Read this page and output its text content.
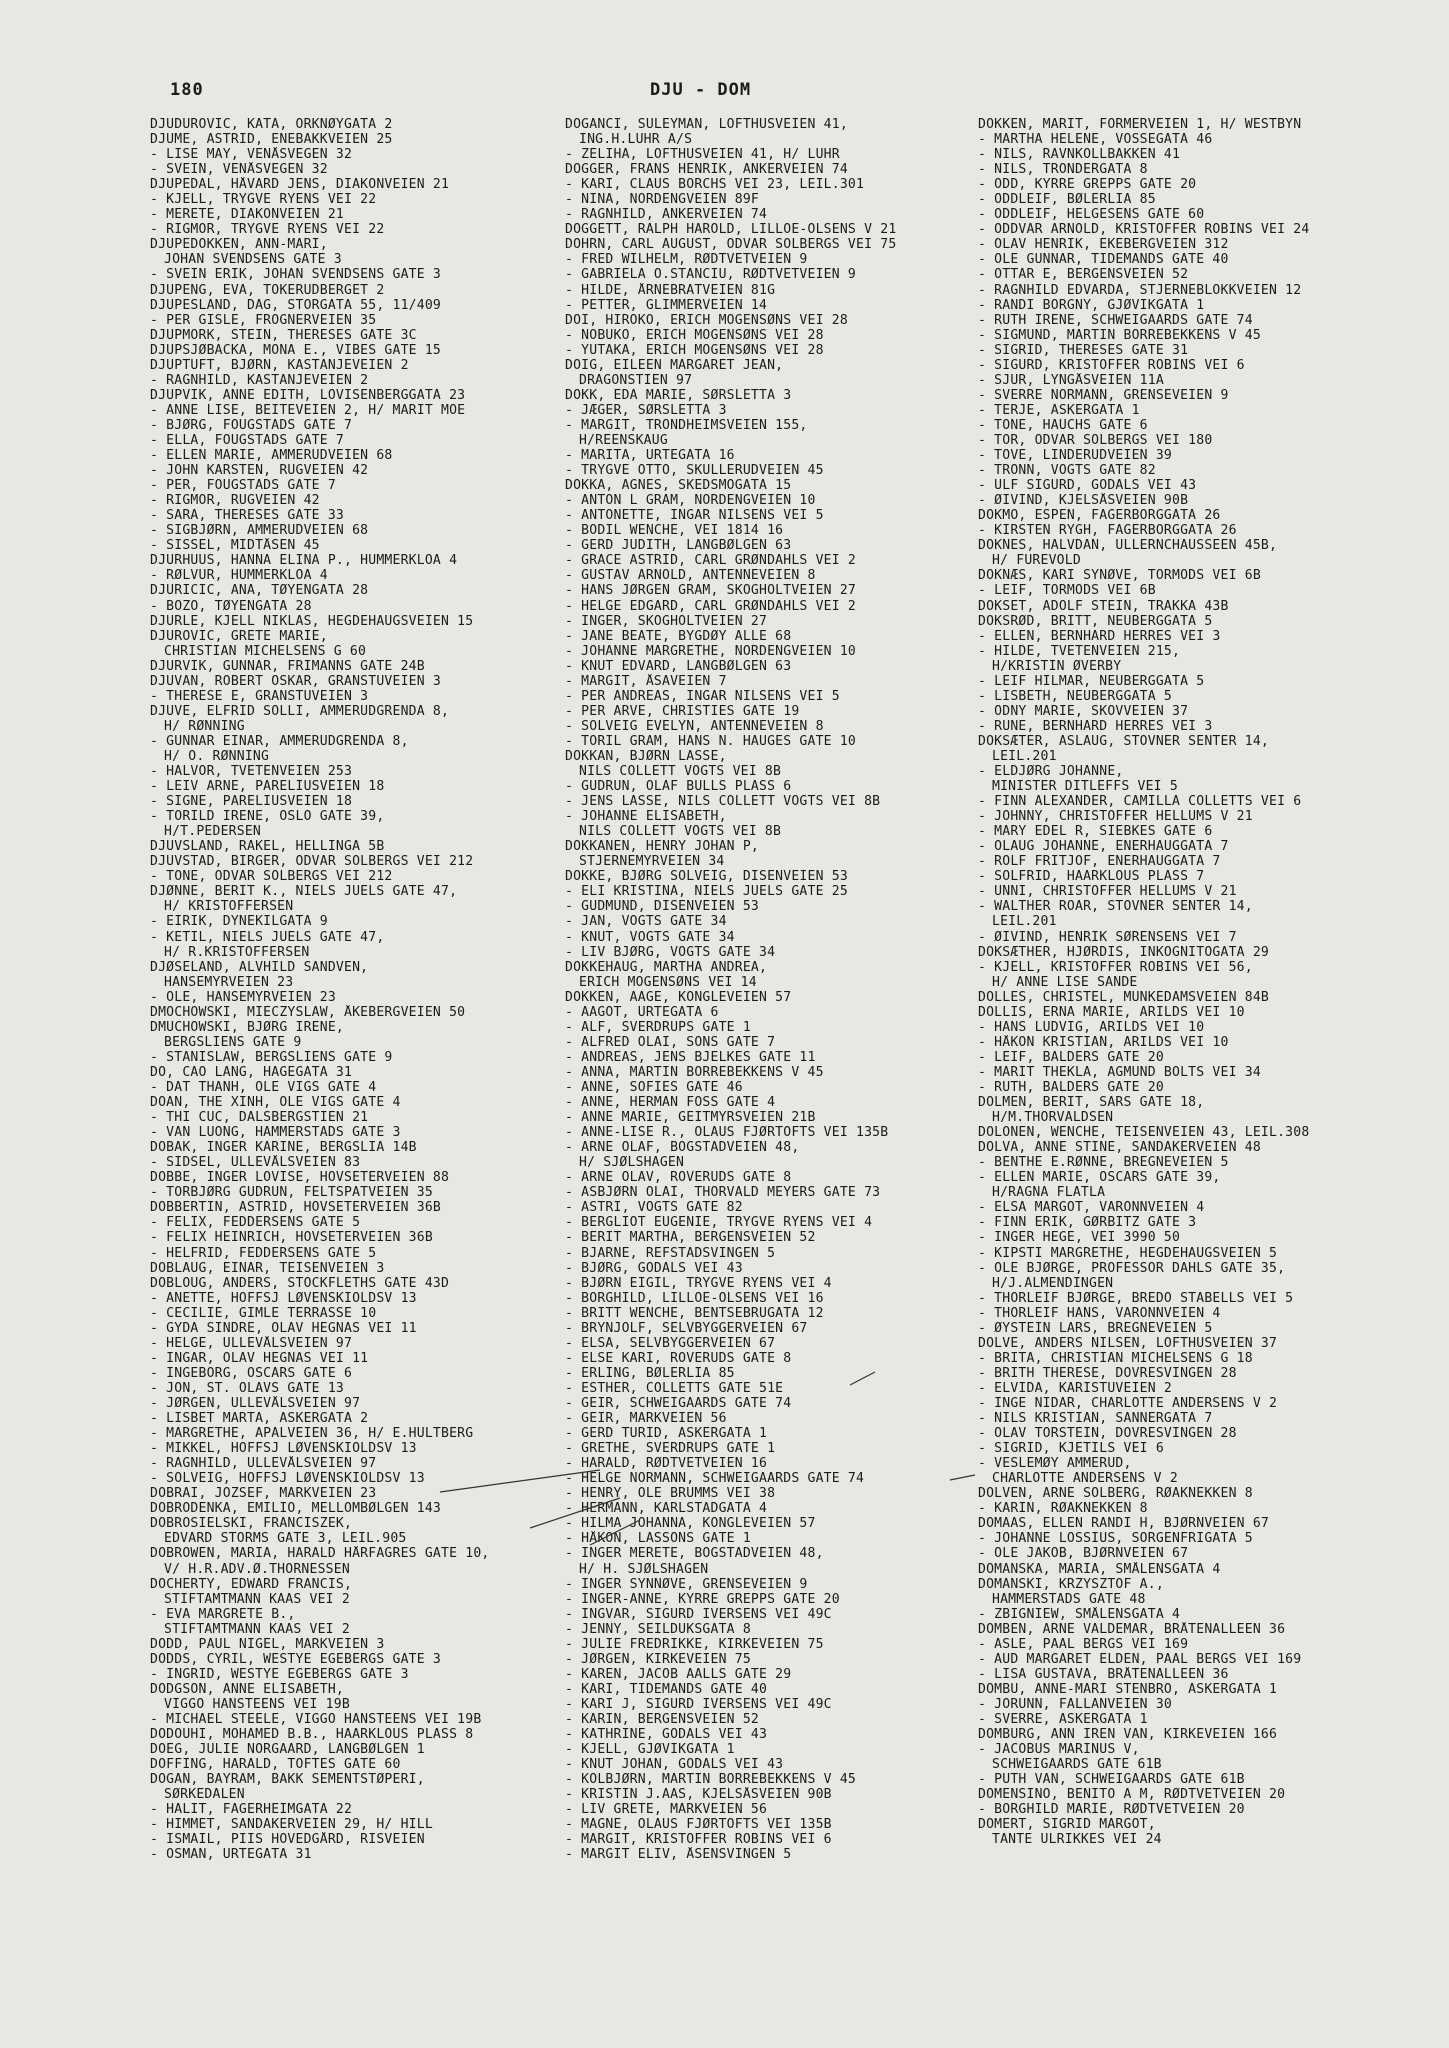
180	DJU - DOM
DJUDUROVIC, KATA, ORKNØYGATA 2
DJUME, ASTRID, ENEBAKKVEIEN 25
- LISE MAY, VENÅSVEGEN 32
- SVEIN, VENÅSVEGEN 32
DJUPEDAL, HÅVARD JENS, DIAKONVEIEN 21
- KJELL, TRYGVE RYENS VEI 22
- MERETE, DIAKONVEIEN 21
- RIGMOR, TRYGVE RYENS VEI 22
DJUPEDOKKEN, ANN-MARI,
JOHAN SVENDSENS GATE 3
- SVEIN ERIK, JOHAN SVENDSENS GATE 3
DJUPENG, EVA, TOKERUDBERGET 2
DJUPESLAND, DAG, STORGATA 55, 11/409
- PER GISLE, FROGNERVEIEN 35
DJUPMORK, STEIN, THERESES GATE 3C
DJUPSJØBACKA, MONA E., VIBES GATE 15
DJUPTUFT, BJØRN, KASTANJEVEIEN 2
- RAGNHILD, KASTANJEVEIEN 2
DJUPVIK, ANNE EDITH, LOVISENBERGGATA 23
- ANNE LISE, BEITEVEIEN 2, H/ MARIT MOE
- BJØRG, FOUGSTADS GATE 7
- ELLA, FOUGSTADS GATE 7
- ELLEN MARIE, AMMERUDVEIEN 68
- JOHN KARSTEN, RUGVEIEN 42
- PER, FOUGSTADS GATE 7
- RIGMOR, RUGVEIEN 42
- SARA, THERESES GATE 33
- SIGBJØRN, AMMERUDVEIEN 68
- SISSEL, MIDTÅSEN 45
DJURHUUS, HANNA ELINA P., HUMMERKLOA 4
- RØLVUR, HUMMERKLOA 4
DJURICIC, ANA, TØYENGATA 28
- BOZO, TØYENGATA 28
DJURLE, KJELL NIKLAS, HEGDEHAUGSVEIEN 15
DJUROVIC, GRETE MARIE,
CHRISTIAN MICHELSENS G 60
DJURVIK, GUNNAR, FRIMANNS GATE 24B
DJUVAN, ROBERT OSKAR, GRANSTUVEIEN 3
- THERESE E, GRANSTUVEIEN 3
DJUVE, ELFRID SOLLI, AMMERUDGRENDA 8,
H/ RØNNING
- GUNNAR EINAR, AMMERUDGRENDA 8,
H/ O. RØNNING
- HALVOR, TVETENVEIEN 253
- LEIV ARNE, PARELIUSVEIEN 18
- SIGNE, PARELIUSVEIEN 18
- TORILD IRENE, OSLO GATE 39,
H/T.PEDERSEN
DJUVSLAND, RAKEL, HELLINGA 5B
DJUVSTAD, BIRGER, ODVAR SOLBERGS VEI 212
- TONE, ODVAR SOLBERGS VEI 212
DJØNNE, BERIT K., NIELS JUELS GATE 47,
H/ KRISTOFFERSEN
- EIRIK, DYNEKILGATA 9
- KETIL, NIELS JUELS GATE 47,
H/ R.KRISTOFFERSEN
DJØSELAND, ALVHILD SANDVEN,
HANSEMYRVEIEN 23
- OLE, HANSEMYRVEIEN 23
DMOCHOWSKI, MIECZYSLAW, ÅKEBERGVEIEN 50
DMUCHOWSKI, BJØRG IRENE,
BERGSLIENS GATE 9
- STANISLAW, BERGSLIENS GATE 9
DO, CAO LANG, HAGEGATA 31
- DAT THANH, OLE VIGS GATE 4
DOAN, THE XINH, OLE VIGS GATE 4
- THI CUC, DALSBERGSTIEN 21
- VAN LUONG, HAMMERSTADS GATE 3
DOBAK, INGER KARINE, BERGSLIA 14B
- SIDSEL, ULLEVÅLSVEIEN 83
DOBBE, INGER LOVISE, HOVSETERVEIEN 88
- TORBJØRG GUDRUN, FELTSPATVEIEN 35
DOBBERTIN, ASTRID, HOVSETERVEIEN 36B
- FELIX, FEDDERSENS GATE 5
- FELIX HEINRICH, HOVSETERVEIEN 36B
- HELFRID, FEDDERSENS GATE 5
DOBLAUG, EINAR, TEISENVEIEN 3
DOBLOUG, ANDERS, STOCKFLETHS GATE 43D
- ANETTE, HOFFSJ LØVENSKIOLDSV 13
- CECILIE, GIMLE TERRASSE 10
- GYDA SINDRE, OLAV HEGNAS VEI 11
- HELGE, ULLEVÅLSVEIEN 97
- INGAR, OLAV HEGNAS VEI 11
- INGEBORG, OSCARS GATE 6
- JON, ST. OLAVS GATE 13
- JØRGEN, ULLEVÅLSVEIEN 97
- LISBET MARTA, ASKERGATA 2
- MARGRETHE, APALVEIEN 36, H/ E.HULTBERG
- MIKKEL, HOFFSJ LØVENSKIOLDSV 13
- RAGNHILD, ULLEVÅLSVEIEN 97
- SOLVEIG, HOFFSJ LØVENSKIOLDSV 13
DOBRAI, JOZSEF, MARKVEIEN 23
DOBRODENKA, EMILIO, MELLOMBØLGEN 143
DOBROSIELSKI, FRANCISZEK,
EDVARD STORMS GATE 3, LEIL.905
DOBROWEN, MARIA, HARALD HÅRFAGRES GATE 10,
V/ H.R.ADV.Ø.THORNESSEN
DOCHERTY, EDWARD FRANCIS,
STIFTAMTMANN KAAS VEI 2
- EVA MARGRETE B.,
STIFTAMTMANN KAAS VEI 2
DODD, PAUL NIGEL, MARKVEIEN 3
DODDS, CYRIL, WESTYE EGEBERGS GATE 3
- INGRID, WESTYE EGEBERGS GATE 3
DODGSON, ANNE ELISABETH,
VIGGO HANSTEENS VEI 19B
- MICHAEL STEELE, VIGGO HANSTEENS VEI 19B
DODOUHI, MOHAMED B.B., HAARKLOUS PLASS 8
DOEG, JULIE NORGAARD, LANGBØLGEN 1
DOFFING, HARALD, TOFTES GATE 60
DOGAN, BAYRAM, BAKK SEMENTSTØPERI,
SØRKEDALEN
- HALIT, FAGERHEIMGATA 22
- HIMMET, SANDAKERVEIEN 29, H/ HILL
- ISMAIL, PIIS HOVEDGÅRD, RISVEIEN
- OSMAN, URTEGATA 31
DOGANCI, SULEYMAN, LOFTHUSVEIEN 41,
ING.H.LÜHR A/S
- ZELIHA, LOFTHUSVEIEN 41, H/ LÜHR
DOGGER, FRANS HENRIK, ANKERVEIEN 74
- KARI, CLAUS BORCHS VEI 23, LEIL.301
- NINA, NORDENGVEIEN 89F
- RAGNHILD, ANKERVEIEN 74
DOGGETT, RALPH HAROLD, LILLOE-OLSENS V 21
DOHRN, CARL AUGUST, ODVAR SOLBERGS VEI 75
- FRED WILHELM, RØDTVETVEIEN 9
- GABRIELA O.STANCIU, RØDTVETVEIEN 9
- HILDE, ÅRNEBRATVEIEN 81G
- PETTER, GLIMMERVEIEN 14
DOI, HIROKO, ERICH MOGENSØNS VEI 28
- NOBUKO, ERICH MOGENSØNS VEI 28
- YUTAKA, ERICH MOGENSØNS VEI 28
DOIG, EILEEN MARGARET JEAN,
DRAGONSTIEN 97
DOKK, EDA MARIE, SØRSLETTA 3
- JÆGER, SØRSLETTA 3
- MARGIT, TRONDHEIMSVEIEN 155,
H/REENSKAUG
- MARITA, URTEGATA 16
- TRYGVE OTTO, SKULLERUDVEIEN 45
DOKKA, AGNES, SKEDSMOGATA 15
- ANTON L GRAM, NORDENGVEIEN 10
- ANTONETTE, INGAR NILSENS VEI 5
- BODIL WENCHE, VEI 1814 16
- GERD JUDITH, LANGBØLGEN 63
- GRACE ASTRID, CARL GRØNDAHLS VEI 2
- GUSTAV ARNOLD, ANTENNEVEIEN 8
- HANS JØRGEN GRAM, SKOGHOLTVEIEN 27
- HELGE EDGARD, CARL GRØNDAHLS VEI 2
- INGER, SKOGHOLTVEIEN 27
- JANE BEATE, BYGDØY ALLE 68
- JOHANNE MARGRETHE, NORDENGVEIEN 10
- KNUT EDVARD, LANGBØLGEN 63
- MARGIT, ÅSAVEIEN 7
- PER ANDREAS, INGAR NILSENS VEI 5
- PER ARVE, CHRISTIES GATE 19
- SOLVEIG EVELYN, ANTENNEVEIEN 8
- TORIL GRAM, HANS N. HAUGES GATE 10
DOKKAN, BJØRN LASSE,
NILS COLLETT VOGTS VEI 8B
- GUDRUN, OLAF BULLS PLASS 6
- JENS LASSE, NILS COLLETT VOGTS VEI 8B
- JOHANNE ELISABETH,
NILS COLLETT VOGTS VEI 8B
DOKKANEN, HENRY JOHAN P,
STJERNEMYRVEIEN 34
DOKKE, BJØRG SOLVEIG, DISENVEIEN 53
- ELI KRISTINA, NIELS JUELS GATE 25
- GUDMUND, DISENVEIEN 53
- JAN, VOGTS GATE 34
- KNUT, VOGTS GATE 34
- LIV BJØRG, VOGTS GATE 34
DOKKEHAUG, MARTHA ANDREA,
ERICH MOGENSØNS VEI 14
DOKKEN, AAGE, KONGLEVEIEN 57
- AAGOT, URTEGATA 6
- ALF, SVERDRUPS GATE 1
- ALFRED OLAI, SONS GATE 7
- ANDREAS, JENS BJELKES GATE 11
- ANNA, MARTIN BORREBEKKENS V 45
- ANNE, SOFIES GATE 46
- ANNE, HERMAN FOSS GATE 4
- ANNE MARIE, GEITMYRSVEIEN 21B
- ANNE-LISE R., OLAUS FJØRTOFTS VEI 135B
- ARNE OLAF, BOGSTADVEIEN 48,
H/ SJØLSHAGEN
- ARNE OLAV, ROVERUDS GATE 8
- ASBJØRN OLAI, THORVALD MEYERS GATE 73
- ASTRI, VOGTS GATE 82
- BERGLIOT EUGENIE, TRYGVE RYENS VEI 4
- BERIT MARTHA, BERGENSVEIEN 52
- BJARNE, REFSTADSVINGEN 5
- BJØRG, GODALS VEI 43
- BJØRN EIGIL, TRYGVE RYENS VEI 4
- BORGHILD, LILLOE-OLSENS VEI 16
- BRITT WENCHE, BENTSEBRUGATA 12
- BRYNJOLF, SELVBYGGERVEIEN 67
- ELSA, SELVBYGGERVEIEN 67
- ELSE KARI, ROVERUDS GATE 8
- ERLING, BØLERLIA 85
- ESTHER, COLLETTS GATE 51E
- GEIR, SCHWEIGAARDS GATE 74
- GEIR, MARKVEIEN 56
- GERD TURID, ASKERGATA 1
- GRETHE, SVERDRUPS GATE 1
- HARALD, RØDTVETVEIEN 16
- HELGE NORMANN, SCHWEIGAARDS GATE 74
- HENRY, OLE BRUMMS VEI 38
- HERMANN, KARLSTADGATA 4
- HILMA JOHANNA, KONGLEVEIEN 57
- HÅKON, LASSONS GATE 1
- INGER MERETE, BOGSTADVEIEN 48,
H/ H. SJØLSHAGEN
- INGER SYNNØVE, GRENSEVEIEN 9
- INGER-ANNE, KYRRE GREPPS GATE 20
- INGVAR, SIGURD IVERSENS VEI 49C
- JENNY, SEILDUKSGATA 8
- JULIE FREDRIKKE, KIRKEVEIEN 75
- JØRGEN, KIRKEVEIEN 75
- KAREN, JACOB AALLS GATE 29
- KARI, TIDEMANDS GATE 40
- KARI J, SIGURD IVERSENS VEI 49C
- KARIN, BERGENSVEIEN 52
- KATHRINE, GODALS VEI 43
- KJELL, GJØVIKGATA 1
- KNUT JOHAN, GODALS VEI 43
- KOLBJØRN, MARTIN BORREBEKKENS V 45
- KRISTIN J.AAS, KJELSÅSVEIEN 90B
- LIV GRETE, MARKVEIEN 56
- MAGNE, OLAUS FJØRTOFTS VEI 135B
- MARGIT, KRISTOFFER ROBINS VEI 6
- MARGIT ELIV, ÅSENSVINGEN 5
DOKKEN, MARIT, FORMERVEIEN 1, H/ WESTBYN
- MARTHA HELENE, VOSSEGATA 46
- NILS, RAVNKOLLBAKKEN 41
- NILS, TRONDERGATA 8
- ODD, KYRRE GREPPS GATE 20
- ODDLEIF, BØLERLIA 85
- ODDLEIF, HELGESENS GATE 60
- ODDVAR ARNOLD, KRISTOFFER ROBINS VEI 24
- OLAV HENRIK, EKEBERGVEIEN 312
- OLE GUNNAR, TIDEMANDS GATE 40
- OTTAR E, BERGENSVEIEN 52
- RAGNHILD EDVARDA, STJERNEBLOKKVEIEN 12
- RANDI BORGNY, GJØVIKGATA 1
- RUTH IRENE, SCHWEIGAARDS GATE 74
- SIGMUND, MARTIN BORREBEKKENS V 45
- SIGRID, THERESES GATE 31
- SIGURD, KRISTOFFER ROBINS VEI 6
- SJUR, LYNGÅSVEIEN 11A
- SVERRE NORMANN, GRENSEVEIEN 9
- TERJE, ASKERGATA 1
- TONE, HAUCHS GATE 6
- TOR, ODVAR SOLBERGS VEI 180
- TOVE, LINDERUDVEIEN 39
- TRONN, VOGTS GATE 82
- ULF SIGURD, GODALS VEI 43
- ØIVIND, KJELSÅSVEIEN 90B
DOKMO, ESPEN, FAGERBORGGATA 26
- KIRSTEN RYGH, FAGERBORGGATA 26
DOKNES, HALVDAN, ULLERNCHAUSSEEN 45B,
H/ FUREVOLD
DOKNÆS, KARI SYNØVE, TORMODS VEI 6B
- LEIF, TORMODS VEI 6B
DOKSET, ADOLF STEIN, TRAKKA 43B
DOKSRØD, BRITT, NEUBERGGATA 5
- ELLEN, BERNHARD HERRES VEI 3
- HILDE, TVETENVEIEN 215,
H/KRISTIN ØVERBY
- LEIF HILMAR, NEUBERGGATA 5
- LISBETH, NEUBERGGATA 5
- ODNY MARIE, SKOVVEIEN 37
- RUNE, BERNHARD HERRES VEI 3
DOKSÆTER, ASLAUG, STOVNER SENTER 14,
LEIL.201
- ELDJØRG JOHANNE,
MINISTER DITLEFFS VEI 5
- FINN ALEXANDER, CAMILLA COLLETTS VEI 6
- JOHNNY, CHRISTOFFER HELLUMS V 21
- MARY EDEL R, SIEBKES GATE 6
- OLAUG JOHANNE, ENERHAUGGATA 7
- ROLF FRITJOF, ENERHAUGGATA 7
- SOLFRID, HAARKLOUS PLASS 7
- UNNI, CHRISTOFFER HELLUMS V 21
- WALTHER ROAR, STOVNER SENTER 14,
LEIL.201
- ØIVIND, HENRIK SØRENSENS VEI 7
DOKSÆTHER, HJØRDIS, INKOGNITOGATA 29
- KJELL, KRISTOFFER ROBINS VEI 56,
H/ ANNE LISE SANDE
DOLLES, CHRISTEL, MUNKEDAMSVEIEN 84B
DOLLIS, ERNA MARIE, ARILDS VEI 10
- HANS LUDVIG, ARILDS VEI 10
- HÅKON KRISTIAN, ARILDS VEI 10
- LEIF, BALDERS GATE 20
- MARIT THEKLA, AGMUND BOLTS VEI 34
- RUTH, BALDERS GATE 20
DOLMEN, BERIT, SARS GATE 18,
H/M.THORVALDSEN
DOLONEN, WENCHE, TEISENVEIEN 43, LEIL.308
DOLVA, ANNE STINE, SANDAKERVEIEN 48
- BENTHE E.RØNNE, BREGNEVEIEN 5
- ELLEN MARIE, OSCARS GATE 39,
H/RAGNA FLATLA
- ELSA MARGOT, VARONNVEIEN 4
- FINN ERIK, GØRBITZ GATE 3
- INGER HEGE, VEI 3990 50
- KIPSTI MARGRETHE, HEGDEHAUGSVEIEN 5
- OLE BJØRGE, PROFESSOR DAHLS GATE 35,
H/J.ALMENDINGEN
- THORLEIF BJØRGE, BREDO STABELLS VEI 5
- THORLEIF HANS, VARONNVEIEN 4
- ØYSTEIN LARS, BREGNEVEIEN 5
DOLVE, ANDERS NILSEN, LOFTHUSVEIEN 37
- BRITA, CHRISTIAN MICHELSENS G 18
- BRITH THERESE, DOVRESVINGEN 28
- ELVIDA, KARISTUVEIEN 2
- INGE NIDAR, CHARLOTTE ANDERSENS V 2
- NILS KRISTIAN, SANNERGATA 7
- OLAV TORSTEIN, DOVRESVINGEN 28
- SIGRID, KJETILS VEI 6
- VESLEMØY AMMERUD,
CHARLOTTE ANDERSENS V 2
DOLVEN, ARNE SOLBERG, RØAKNEKKEN 8
- KARIN, RØAKNEKKEN 8
DOMAAS, ELLEN RANDI H, BJØRNVEIEN 67
- JOHANNE LOSSIUS, SORGENFRIGATA 5
- OLE JAKOB, BJØRNVEIEN 67
DOMANSKA, MARIA, SMÅLENSGATA 4
DOMANSKI, KRZYSZTOF A.,
HAMMERSTADS GATE 48
- ZBIGNIEW, SMÅLENSGATA 4
DOMBEN, ARNE VALDEMAR, BRÅTENALLEEN 36
- ASLE, PAAL BERGS VEI 169
- AUD MARGARET ELDEN, PAAL BERGS VEI 169
- LISA GUSTAVA, BRÅTENALLEEN 36
DOMBU, ANNE-MARI STENBRO, ASKERGATA 1
- JORUNN, FALLANVEIEN 30
- SVERRE, ASKERGATA 1
DOMBURG, ANN IREN VAN, KIRKEVEIEN 166
- JACOBUS MARINUS V,
SCHWEIGAARDS GATE 61B
- PUTH VAN, SCHWEIGAARDS GATE 61B
DOMENSINO, BENITO A M, RØDTVETVEIEN 20
- BORGHILD MARIE, RØDTVETVEIEN 20
DOMERT, SIGRID MARGOT,
TANTE ULRIKKES VEI 24
